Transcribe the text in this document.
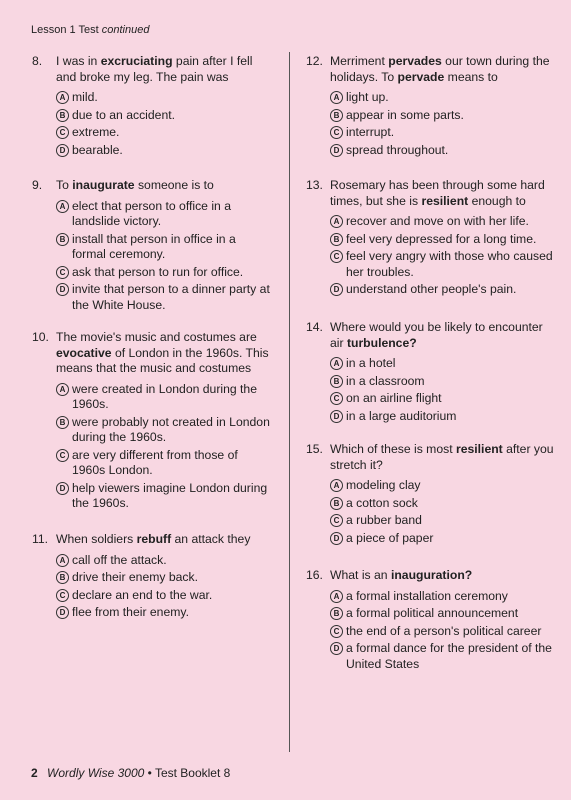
Lesson 1 Test continued
8.	I was in excruciating pain after I fell and broke my leg. The pain was
A mild.
B due to an accident.
C extreme.
D bearable.
9.	To inaugurate someone is to
A elect that person to office in a landslide victory.
B install that person in office in a formal ceremony.
C ask that person to run for office.
D invite that person to a dinner party at the White House.
10. The movie's music and costumes are evocative of London in the 1960s. This means that the music and costumes
A were created in London during the 1960s.
B were probably not created in London during the 1960s.
C are very different from those of 1960s London.
D help viewers imagine London during the 1960s.
11. When soldiers rebuff an attack they
A call off the attack.
B drive their enemy back.
C declare an end to the war.
D flee from their enemy.
12. Merriment pervades our town during the holidays. To pervade means to
A light up.
B appear in some parts.
C interrupt.
D spread throughout.
13. Rosemary has been through some hard times, but she is resilient enough to
A recover and move on with her life.
B feel very depressed for a long time.
C feel very angry with those who caused her troubles.
D understand other people's pain.
14. Where would you be likely to encounter air turbulence?
A in a hotel
B in a classroom
C on an airline flight
D in a large auditorium
15. Which of these is most resilient after you stretch it?
A modeling clay
B a cotton sock
C a rubber band
D a piece of paper
16. What is an inauguration?
A a formal installation ceremony
B a formal political announcement
C the end of a person's political career
D a formal dance for the president of the United States
2 Wordly Wise 3000 • Test Booklet 8
